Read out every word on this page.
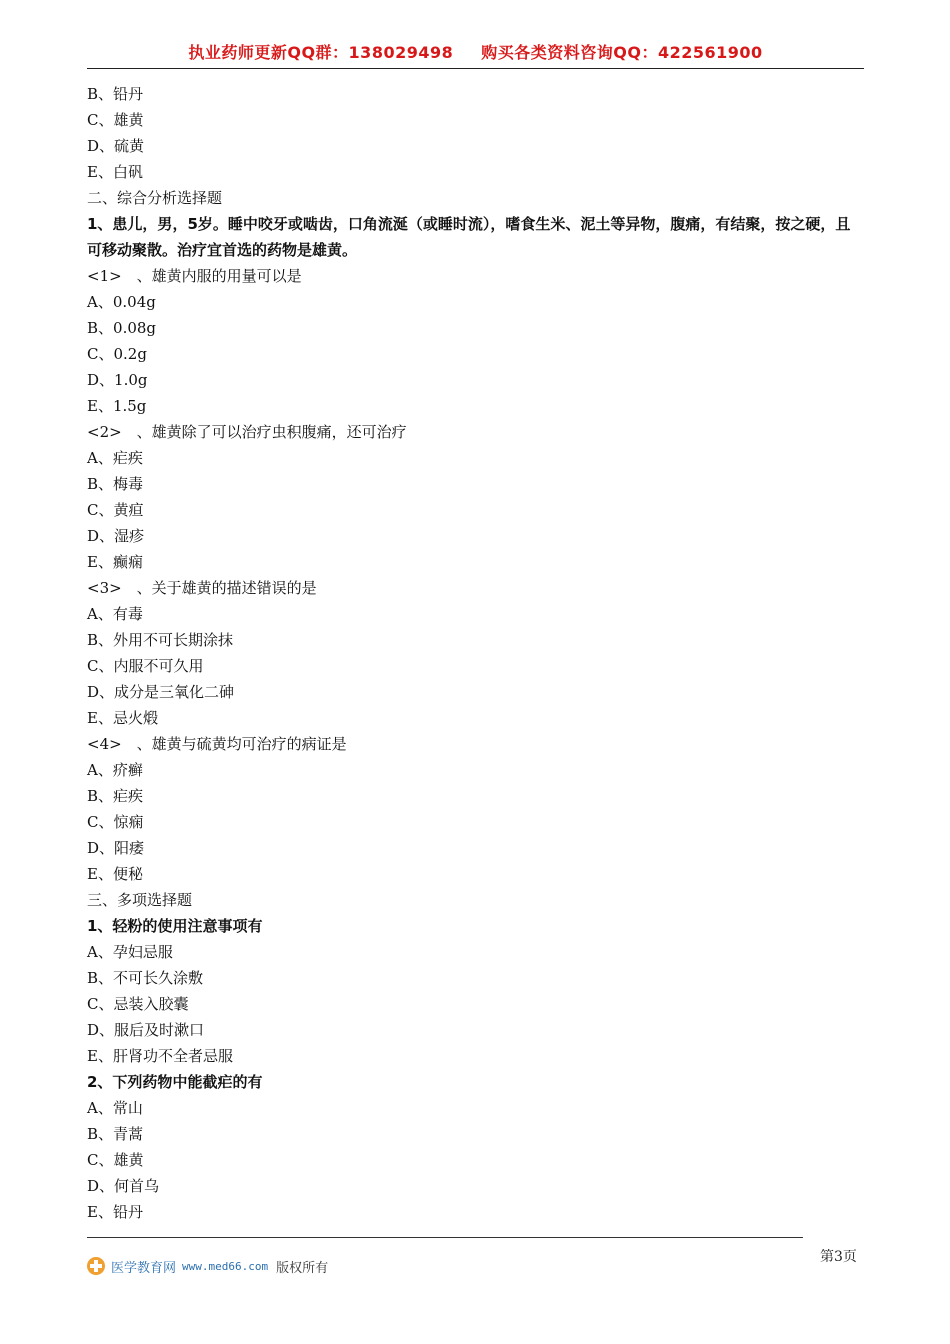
执业药师更新QQ群：138029498 购买各类资料咨询QQ：422561900
B、铅丹
C、雄黄
D、硫黄
E、白矾
二、综合分析选择题
1、患儿，男，5岁。睡中咬牙或啮齿，口角流涎（或睡时流），嗜食生米、泥土等异物，腹痛，有结聚，按之硬，且
可移动聚散。治疗宜首选的药物是雄黄。
<1>　、雄黄内服的用量可以是
A、0.04g
B、0.08g
C、0.2g
D、1.0g
E、1.5g
<2>　、雄黄除了可以治疗虫积腹痛，还可治疗
A、疟疾
B、梅毒
C、黄疸
D、湿疹
E、癫痫
<3>　、关于雄黄的描述错误的是
A、有毒
B、外用不可长期涂抹
C、内服不可久用
D、成分是三氧化二砷
E、忌火煅
<4>　、雄黄与硫黄均可治疗的病证是
A、疥癣
B、疟疾
C、惊痫
D、阳痿
E、便秘
三、多项选择题
1、轻粉的使用注意事项有
A、孕妇忌服
B、不可长久涂敷
C、忌装入胶囊
D、服后及时漱口
E、肝肾功不全者忌服
2、下列药物中能截疟的有
A、常山
B、青蒿
C、雄黄
D、何首乌
E、铅丹
第3页
医学教育网 www.med66.com 版权所有
